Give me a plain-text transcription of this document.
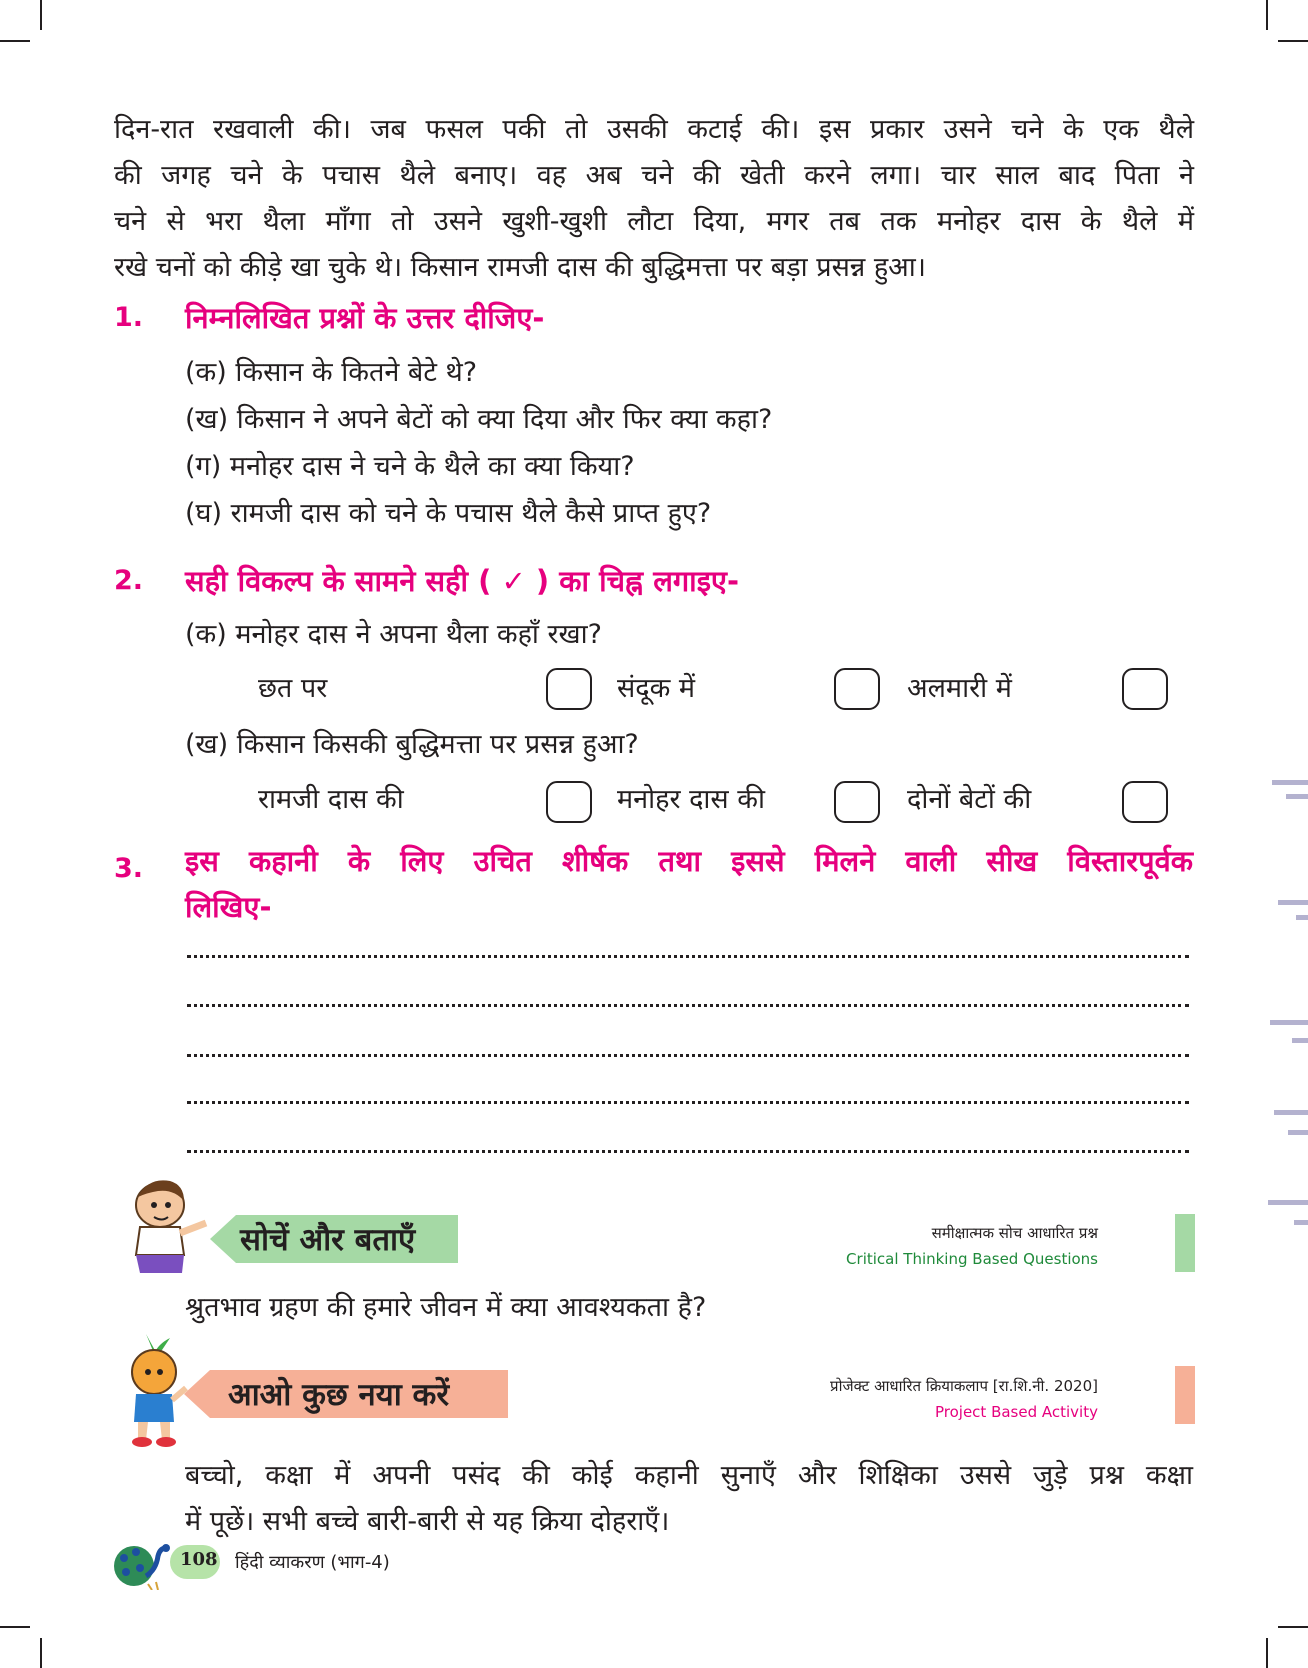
दिन-रात रखवाली की। जब फसल पकी तो उसकी कटाई की। इस प्रकार उसने चने के एक थैले
की जगह चने के पचास थैले बनाए। वह अब चने की खेती करने लगा। चार साल बाद पिता ने
चने से भरा थैला माँगा तो उसने खुशी-खुशी लौटा दिया, मगर तब तक मनोहर दास के थैले में
रखे चनों को कीड़े खा चुके थे। किसान रामजी दास की बुद्धिमत्ता पर बड़ा प्रसन्न हुआ।
1. निम्नलिखित प्रश्नों के उत्तर दीजिए-
(क) किसान के कितने बेटे थे?
(ख) किसान ने अपने बेटों को क्या दिया और फिर क्या कहा?
(ग) मनोहर दास ने चने के थैले का क्या किया?
(घ) रामजी दास को चने के पचास थैले कैसे प्राप्त हुए?
2. सही विकल्प के सामने सही ( ✓ ) का चिह्न लगाइए-
(क) मनोहर दास ने अपना थैला कहाँ रखा?
छत पर	संदूक में	अलमारी में
(ख) किसान किसकी बुद्धिमत्ता पर प्रसन्न हुआ?
रामजी दास की	मनोहर दास की	दोनों बेटों की
3. इस कहानी के लिए उचित शीर्षक तथा इससे मिलने वाली सीख विस्तारपूर्वक
लिखिए-
सोचें और बताएँ	समीक्षात्मक सोच आधारित प्रश्न
Critical Thinking Based Questions
श्रुतभाव ग्रहण की हमारे जीवन में क्या आवश्यकता है?
आओ कुछ नया करें	प्रोजेक्ट आधारित क्रियाकलाप [रा.शि.नी. 2020]
Project Based Activity
बच्चो, कक्षा में अपनी पसंद की कोई कहानी सुनाएँ और शिक्षिका उससे जुड़े प्रश्न कक्षा
में पूछें। सभी बच्चे बारी-बारी से यह क्रिया दोहराएँ।
108 हिंदी व्याकरण (भाग-4)
